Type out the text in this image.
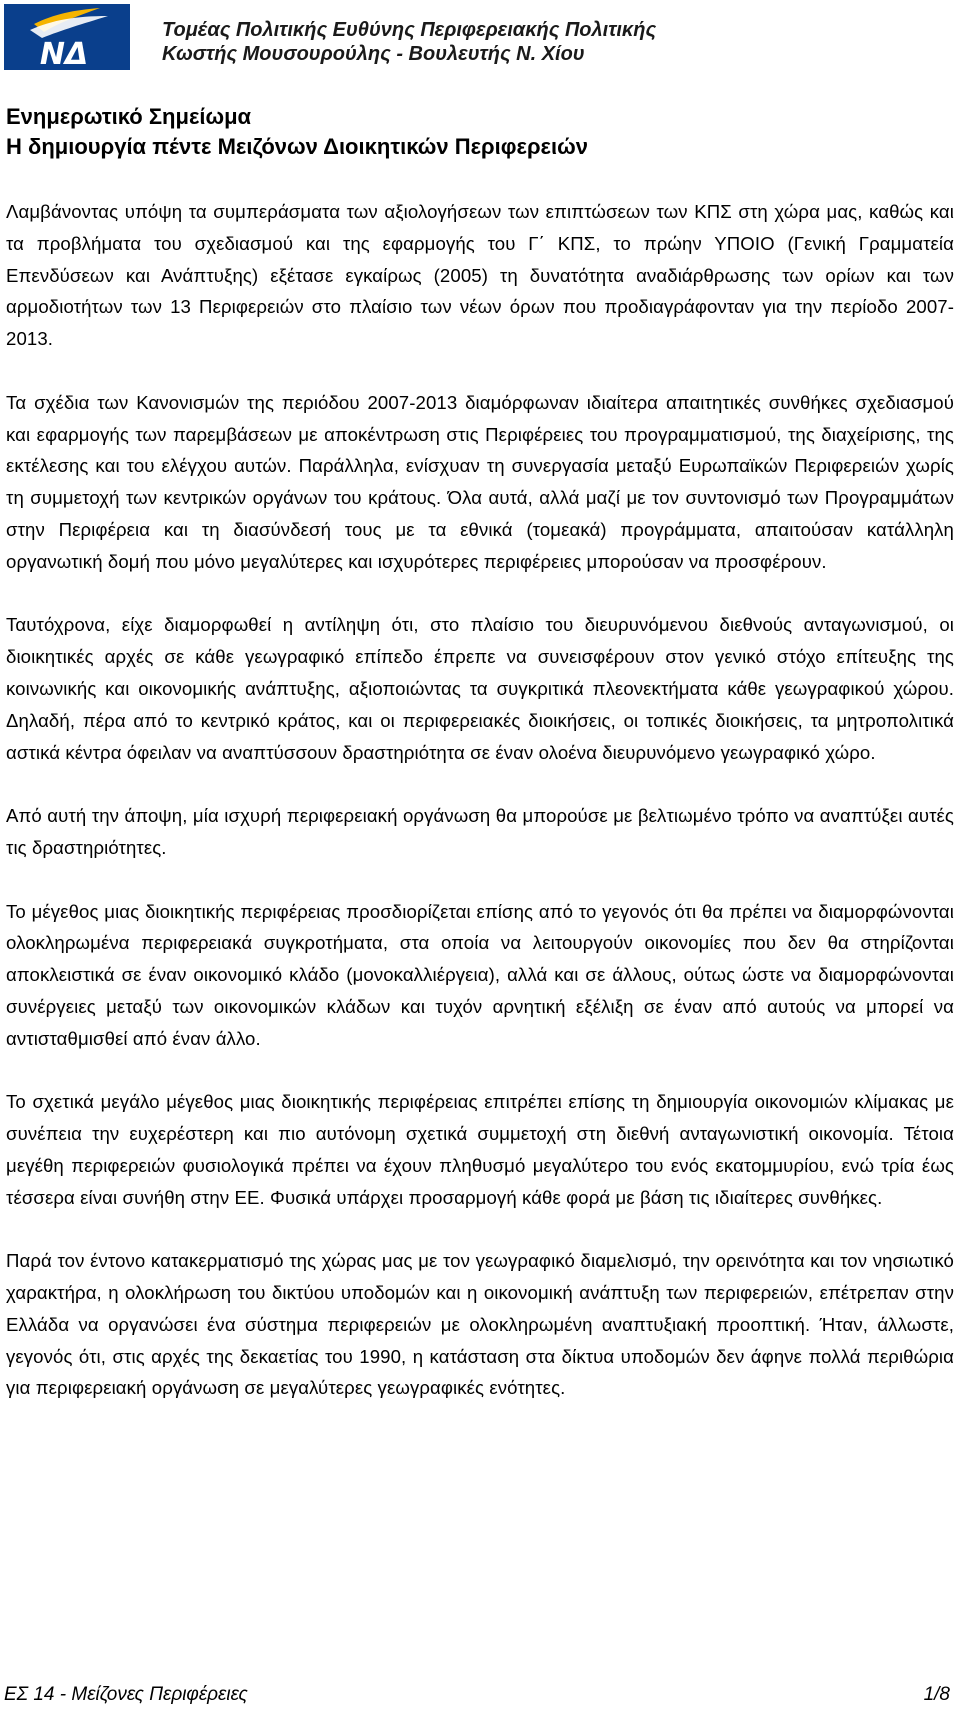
ΝΔ
Τομέας Πολιτικής Ευθύνης Περιφερειακής Πολιτικής
Κωστής Μουσουρούλης - Βουλευτής Ν. Χίου
Ενημερωτικό Σημείωμα
Η δημιουργία πέντε Μειζόνων Διοικητικών Περιφερειών

Λαμβάνοντας υπόψη τα συμπεράσματα των αξιολογήσεων των επιπτώσεων των ΚΠΣ στη χώρα μας, καθώς και τα προβλήματα του σχεδιασμού και της εφαρμογής του Γ΄ ΚΠΣ, το πρώην ΥΠΟΙΟ (Γενική Γραμματεία Επενδύσεων και Ανάπτυξης) εξέτασε εγκαίρως (2005) τη δυνατότητα αναδιάρθρωσης των ορίων και των αρμοδιοτήτων των 13 Περιφερειών στο πλαίσιο των νέων όρων που προδιαγράφονταν για την περίοδο 2007-2013.

Τα σχέδια των Κανονισμών της περιόδου 2007-2013 διαμόρφωναν ιδιαίτερα απαιτητικές συνθήκες σχεδιασμού και εφαρμογής των παρεμβάσεων με αποκέντρωση στις Περιφέρειες του προγραμματισμού, της διαχείρισης, της εκτέλεσης και του ελέγχου αυτών. Παράλληλα, ενίσχυαν τη συνεργασία μεταξύ Ευρωπαϊκών Περιφερειών χωρίς τη συμμετοχή των κεντρικών οργάνων του κράτους. Όλα αυτά, αλλά μαζί με τον συντονισμό των Προγραμμάτων στην Περιφέρεια και τη διασύνδεσή τους με τα εθνικά (τομεακά) προγράμματα, απαιτούσαν κατάλληλη οργανωτική δομή που μόνο μεγαλύτερες και ισχυρότερες περιφέρειες μπορούσαν να προσφέρουν.

Ταυτόχρονα, είχε διαμορφωθεί η αντίληψη ότι, στο πλαίσιο του διευρυνόμενου διεθνούς ανταγωνισμού, οι διοικητικές αρχές σε κάθε γεωγραφικό επίπεδο έπρεπε να συνεισφέρουν στον γενικό στόχο επίτευξης της κοινωνικής και οικονομικής ανάπτυξης, αξιοποιώντας τα συγκριτικά πλεονεκτήματα κάθε γεωγραφικού χώρου. Δηλαδή, πέρα από το κεντρικό κράτος, και οι περιφερειακές διοικήσεις, οι τοπικές διοικήσεις, τα μητροπολιτικά αστικά κέντρα όφειλαν να αναπτύσσουν δραστηριότητα σε έναν ολοένα διευρυνόμενο γεωγραφικό χώρο.

Από αυτή την άποψη, μία ισχυρή περιφερειακή οργάνωση θα μπορούσε με βελτιωμένο τρόπο να αναπτύξει αυτές τις δραστηριότητες.

Το μέγεθος μιας διοικητικής περιφέρειας προσδιορίζεται επίσης από το γεγονός ότι θα πρέπει να διαμορφώνονται ολοκληρωμένα περιφερειακά συγκροτήματα, στα οποία να λειτουργούν οικονομίες που δεν θα στηρίζονται αποκλειστικά σε έναν οικονομικό κλάδο (μονοκαλλιέργεια), αλλά και σε άλλους, ούτως ώστε να διαμορφώνονται συνέργειες μεταξύ των οικονομικών κλάδων και τυχόν αρνητική εξέλιξη σε έναν από αυτούς να μπορεί να αντισταθμισθεί από έναν άλλο.

Το σχετικά μεγάλο μέγεθος μιας διοικητικής περιφέρειας επιτρέπει επίσης τη δημιουργία οικονομιών κλίμακας με συνέπεια την ευχερέστερη και πιο αυτόνομη σχετικά συμμετοχή στη διεθνή ανταγωνιστική οικονομία. Τέτοια μεγέθη περιφερειών φυσιολογικά πρέπει να έχουν πληθυσμό μεγαλύτερο του ενός εκατομμυρίου, ενώ τρία έως τέσσερα είναι συνήθη στην ΕΕ. Φυσικά υπάρχει προσαρμογή κάθε φορά με βάση τις ιδιαίτερες συνθήκες.

Παρά τον έντονο κατακερματισμό της χώρας μας με τον γεωγραφικό διαμελισμό, την ορεινότητα και τον νησιωτικό χαρακτήρα, η ολοκλήρωση του δικτύου υποδομών και η οικονομική ανάπτυξη των περιφερειών, επέτρεπαν στην Ελλάδα να οργανώσει ένα σύστημα περιφερειών με ολοκληρωμένη αναπτυξιακή προοπτική. Ήταν, άλλωστε, γεγονός ότι, στις αρχές της δεκαετίας του 1990, η κατάσταση στα δίκτυα υποδομών δεν άφηνε πολλά περιθώρια για περιφερειακή οργάνωση σε μεγαλύτερες γεωγραφικές ενότητες.

ΕΣ 14 - Μείζονες Περιφέρειες	1/8
